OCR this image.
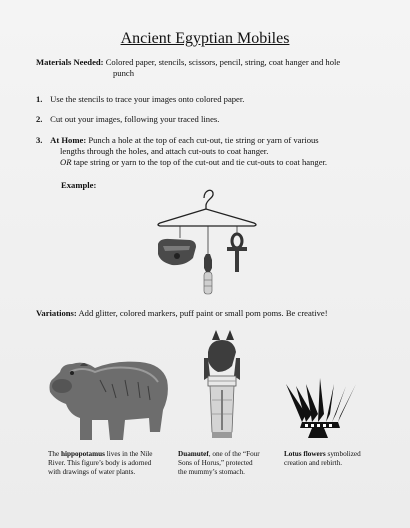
Ancient Egyptian Mobiles
Materials Needed: Colored paper, stencils, scissors, pencil, string, coat hanger and hole
punch
1. Use the stencils to trace your images onto colored paper.
2. Cut out your images, following your traced lines.
3. At Home: Punch a hole at the top of each cut-out, tie string or yarn of various
lengths through the holes, and attach cut-outs to coat hanger.
OR tape string or yarn to the top of the cut-out and tie cut-outs to coat hanger.
Example:
Variations: Add glitter, colored markers, puff paint or small pom poms. Be creative!
The hippopotamus lives in the Nile
River. This figure’s body is adorned
with drawings of water plants.
Duamutef, one of the “Four
Sons of Horus,” protected
the mummy’s stomach.
Lotus flowers symbolized
creation and rebirth.
